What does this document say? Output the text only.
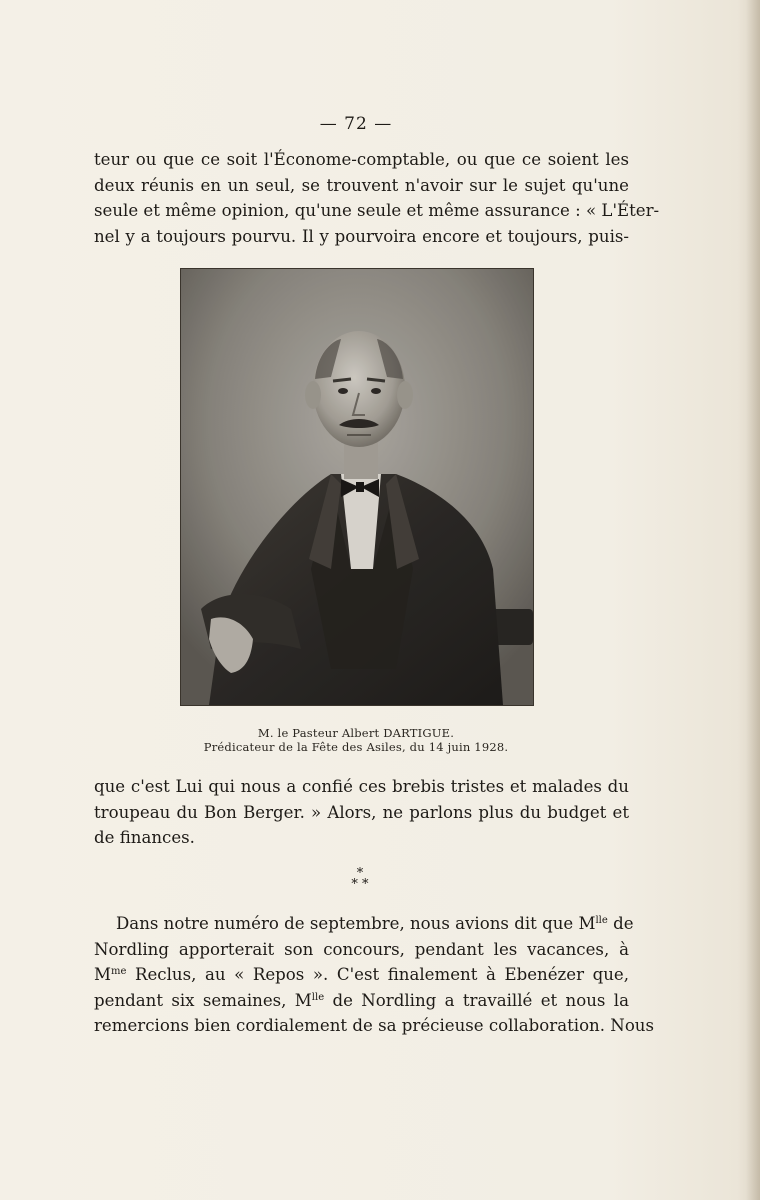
— 72 —
teur ou que ce soit l'Économe-comptable, ou que ce soient les
deux réunis en un seul, se trouvent n'avoir sur le sujet qu'une
seule et même opinion, qu'une seule et même assurance : « L'Éter-
nel y a toujours pourvu. Il y pourvoira encore et toujours, puis-
M. le Pasteur Albert DARTIGUE.
Prédicateur de la Fête des Asiles, du 14 juin 1928.
que c'est Lui qui nous a confié ces brebis tristes et malades du
troupeau du Bon Berger. » Alors, ne parlons plus du budget et
de finances.
*
* *
Dans notre numéro de septembre, nous avions dit que $M^{lle}$ de
Nordling apporterait son concours, pendant les vacances, à
$M^{me}$ Reclus, au « Repos ». C'est finalement à Ebenézer que,
pendant six semaines, $M^{lle}$ de Nordling a travaillé et nous la
remercions bien cordialement de sa précieuse collaboration. Nous
